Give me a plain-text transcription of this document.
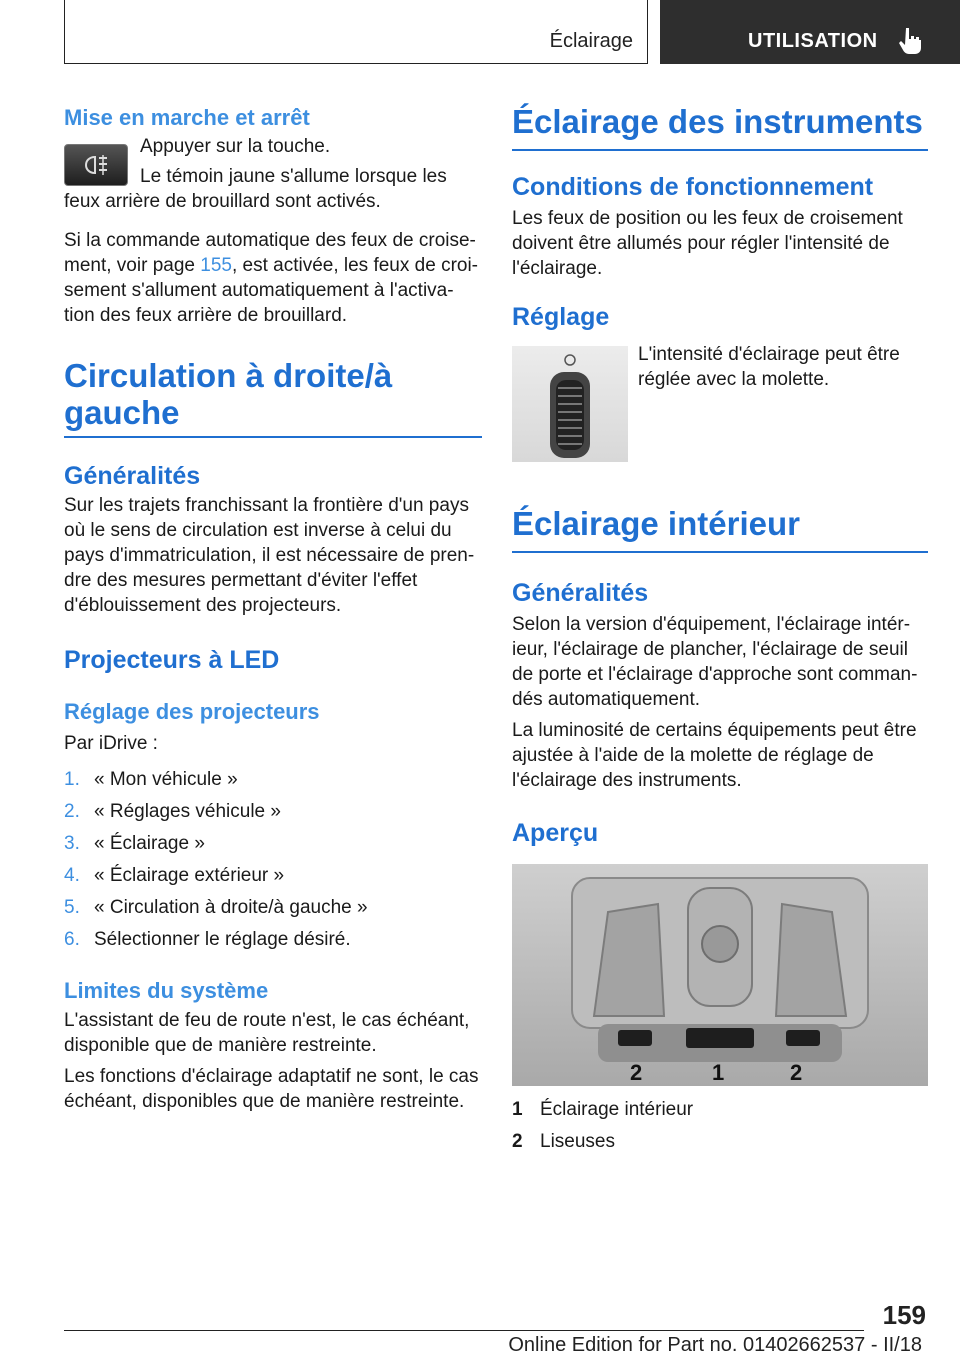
Éclairage	UTILISATION
Mise en marche et arrêt

Appuyer sur la touche.

Le témoin jaune s'allume lorsque les feux arrière de brouillard sont activés.

Si la commande automatique des feux de croise‐ment, voir page 155, est activée, les feux de croi‐sement s'allument automatiquement à l'activa‐tion des feux arrière de brouillard.

Circulation à droite/à gauche
Généralités

Sur les trajets franchissant la frontière d'un pays où le sens de circulation est inverse à celui du pays d'immatriculation, il est nécessaire de pren‐dre des mesures permettant d'éviter l'effet d'éblouissement des projecteurs.

Projecteurs à LED
Réglage des projecteurs

Par iDrive :

1. « Mon véhicule »
2. « Réglages véhicule »
3. « Éclairage »
4. « Éclairage extérieur »
5. « Circulation à droite/à gauche »
6. Sélectionner le réglage désiré.
Limites du système

L'assistant de feu de route n'est, le cas échéant, disponible que de manière restreinte.

Les fonctions d'éclairage adaptatif ne sont, le cas échéant, disponibles que de manière restreinte.

Éclairage des instruments
Conditions de fonctionnement

Les feux de position ou les feux de croisement doivent être allumés pour régler l'intensité de l'éclairage.

Réglage

L'intensité d'éclairage peut être réglée avec la molette.

Éclairage intérieur
Généralités

Selon la version d'équipement, l'éclairage intér‐ieur, l'éclairage de plancher, l'éclairage de seuil de porte et l'éclairage d'approche sont comman‐dés automatiquement.

La luminosité de certains équipements peut être ajustée à l'aide de la molette de réglage de l'éclairage des instruments.

Aperçu
2	1	2
1 Éclairage intérieur
2 Liseuses
159
Online Edition for Part no. 01402662537 - II/18
